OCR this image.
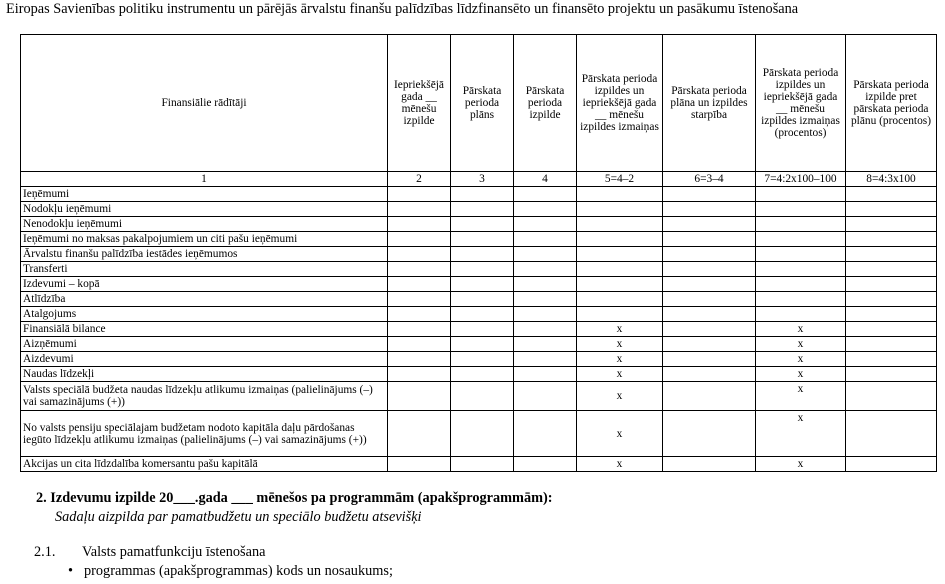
Eiropas Savienības politiku instrumentu un pārējās ārvalstu finanšu palīdzības līdzfinansēto un finansēto projektu un pasākumu īstenošana
Finansiālie rādītāji	Iepriekšējā gada __ mēnešu izpilde	Pārskata perioda plāns	Pārskata perioda izpilde	Pārskata perioda izpildes un iepriekšējā gada __ mēnešu izpildes izmaiņas	Pārskata perioda plāna un izpildes starpība	Pārskata perioda izpildes un iepriekšējā gada __ mēnešu izpildes izmaiņas (procentos)	Pārskata perioda izpilde pret pārskata perioda plānu (procentos)
1	2	3	4	5=4–2	6=3–4	7=4:2x100–100	8=4:3x100
Ieņēmumi							
Nodokļu ieņēmumi							
Nenodokļu ieņēmumi							
Ieņēmumi no maksas pakalpojumiem un citi pašu ieņēmumi							
Ārvalstu finanšu palīdzība iestādes ieņēmumos							
Transferti							
Izdevumi – kopā							
Atlīdzība							
Atalgojums							
Finansiālā bilance				x		x	
Aizņēmumi				x		x	
Aizdevumi				x		x	
Naudas līdzekļi				x		x	
Valsts speciālā budžeta naudas līdzekļu atlikumu izmaiņas (palielinājums (–) vai samazinājums (+))				x		x	
No valsts pensiju speciālajam budžetam nodoto kapitāla daļu pārdošanas iegūto līdzekļu atlikumu izmaiņas (palielinājums (–) vai samazinājums (+))				x		x	
Akcijas un cita līdzdalība komersantu pašu kapitālā				x		x	
2. Izdevumu izpilde 20___.gada ___ mēnešos pa programmām (apakšprogrammām):
Sadaļu aizpilda par pamatbudžetu un speciālo budžetu atsevišķi
2.1. Valsts pamatfunkciju īstenošana
• programmas (apakšprogrammas) kods un nosaukums;
